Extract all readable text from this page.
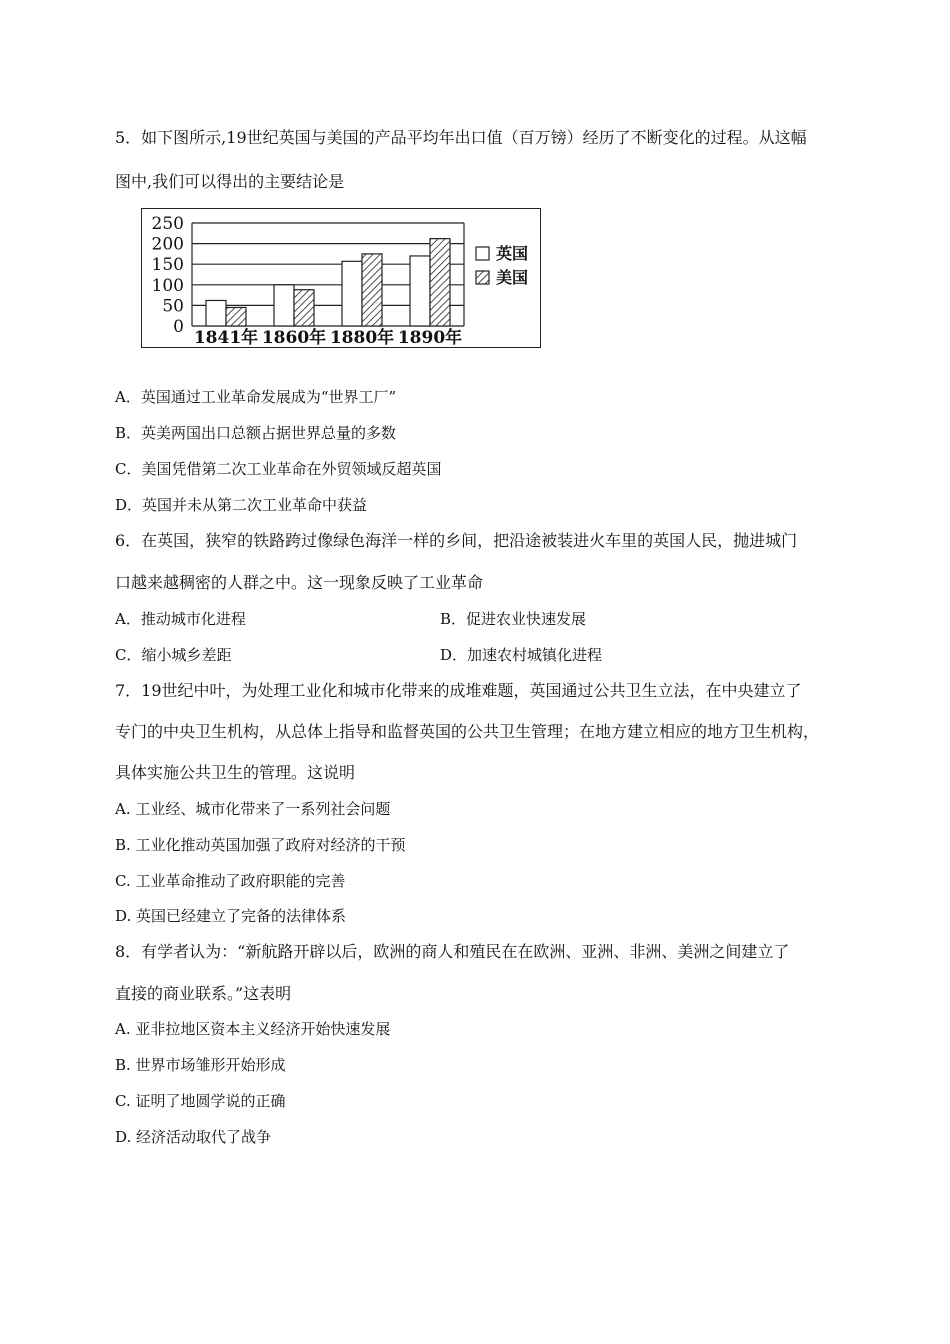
5．如下图所示,19世纪英国与美国的产品平均年出口值（百万镑）经历了不断变化的过程。从这幅
图中,我们可以得出的主要结论是
250
200
150
100
50
0
1841年 1860年 1880年 1890年
英国
美国
A．英国通过工业革命发展成为“世界工厂”
B．英美两国出口总额占据世界总量的多数
C．美国凭借第二次工业革命在外贸领域反超英国
D．英国并未从第二次工业革命中获益
6．在英国，狭窄的铁路跨过像绿色海洋一样的乡间，把沿途被装进火车里的英国人民，抛进城门
口越来越稠密的人群之中。这一现象反映了工业革命
A．推动城市化进程	B．促进农业快速发展
C．缩小城乡差距	D．加速农村城镇化进程
7．19世纪中叶，为处理工业化和城市化带来的成堆难题，英国通过公共卫生立法，在中央建立了
专门的中央卫生机构，从总体上指导和监督英国的公共卫生管理；在地方建立相应的地方卫生机构，
具体实施公共卫生的管理。这说明
A. 工业经、城市化带来了一系列社会问题
B. 工业化推动英国加强了政府对经济的干预
C. 工业革命推动了政府职能的完善
D. 英国已经建立了完备的法律体系
8．有学者认为：“新航路开辟以后，欧洲的商人和殖民在在欧洲、亚洲、非洲、美洲之间建立了
直接的商业联系。”这表明
A. 亚非拉地区资本主义经济开始快速发展
B. 世界市场雏形开始形成
C. 证明了地圆学说的正确
D. 经济活动取代了战争
